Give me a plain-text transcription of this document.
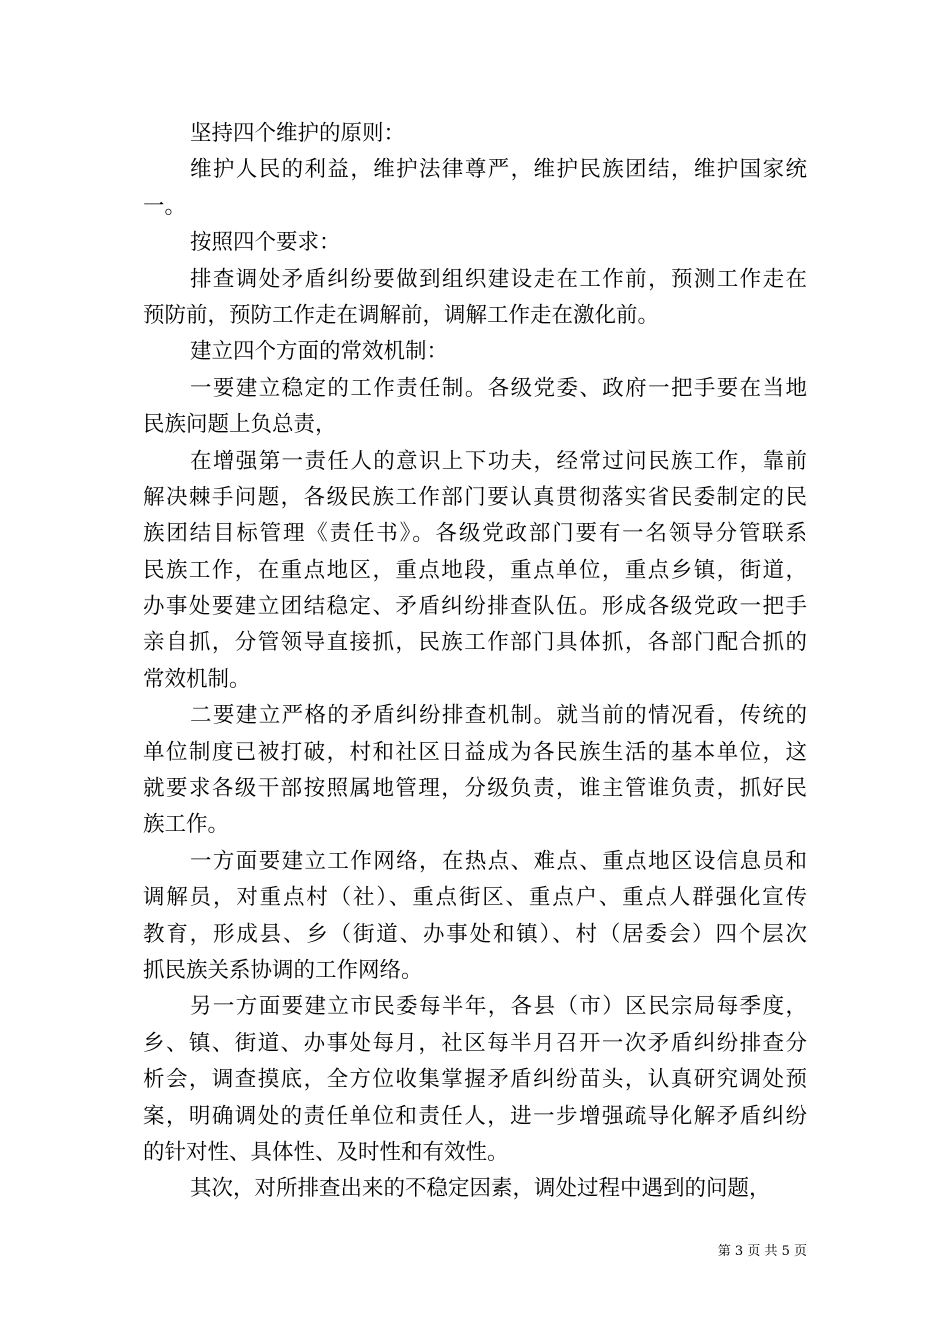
坚持四个维护的原则：
维护人民的利益，维护法律尊严，维护民族团结，维护国家统
一。
按照四个要求：
排查调处矛盾纠纷要做到组织建设走在工作前，预测工作走在
预防前，预防工作走在调解前，调解工作走在激化前。
建立四个方面的常效机制：
一要建立稳定的工作责任制。各级党委、政府一把手要在当地
民族问题上负总责，
在增强第一责任人的意识上下功夫，经常过问民族工作，靠前
解决棘手问题，各级民族工作部门要认真贯彻落实省民委制定的民
族团结目标管理《责任书》。各级党政部门要有一名领导分管联系
民族工作，在重点地区，重点地段，重点单位，重点乡镇，街道，
办事处要建立团结稳定、矛盾纠纷排查队伍。形成各级党政一把手
亲自抓，分管领导直接抓，民族工作部门具体抓，各部门配合抓的
常效机制。
二要建立严格的矛盾纠纷排查机制。就当前的情况看，传统的
单位制度已被打破，村和社区日益成为各民族生活的基本单位，这
就要求各级干部按照属地管理，分级负责，谁主管谁负责，抓好民
族工作。
一方面要建立工作网络，在热点、难点、重点地区设信息员和
调解员，对重点村（社）、重点街区、重点户、重点人群强化宣传
教育，形成县、乡（街道、办事处和镇）、村（居委会）四个层次
抓民族关系协调的工作网络。
另一方面要建立市民委每半年，各县（市）区民宗局每季度，
乡、镇、街道、办事处每月，社区每半月召开一次矛盾纠纷排查分
析会，调查摸底，全方位收集掌握矛盾纠纷苗头，认真研究调处预
案，明确调处的责任单位和责任人，进一步增强疏导化解矛盾纠纷
的针对性、具体性、及时性和有效性。
其次，对所排查出来的不稳定因素，调处过程中遇到的问题，
第 3 页 共 5 页
